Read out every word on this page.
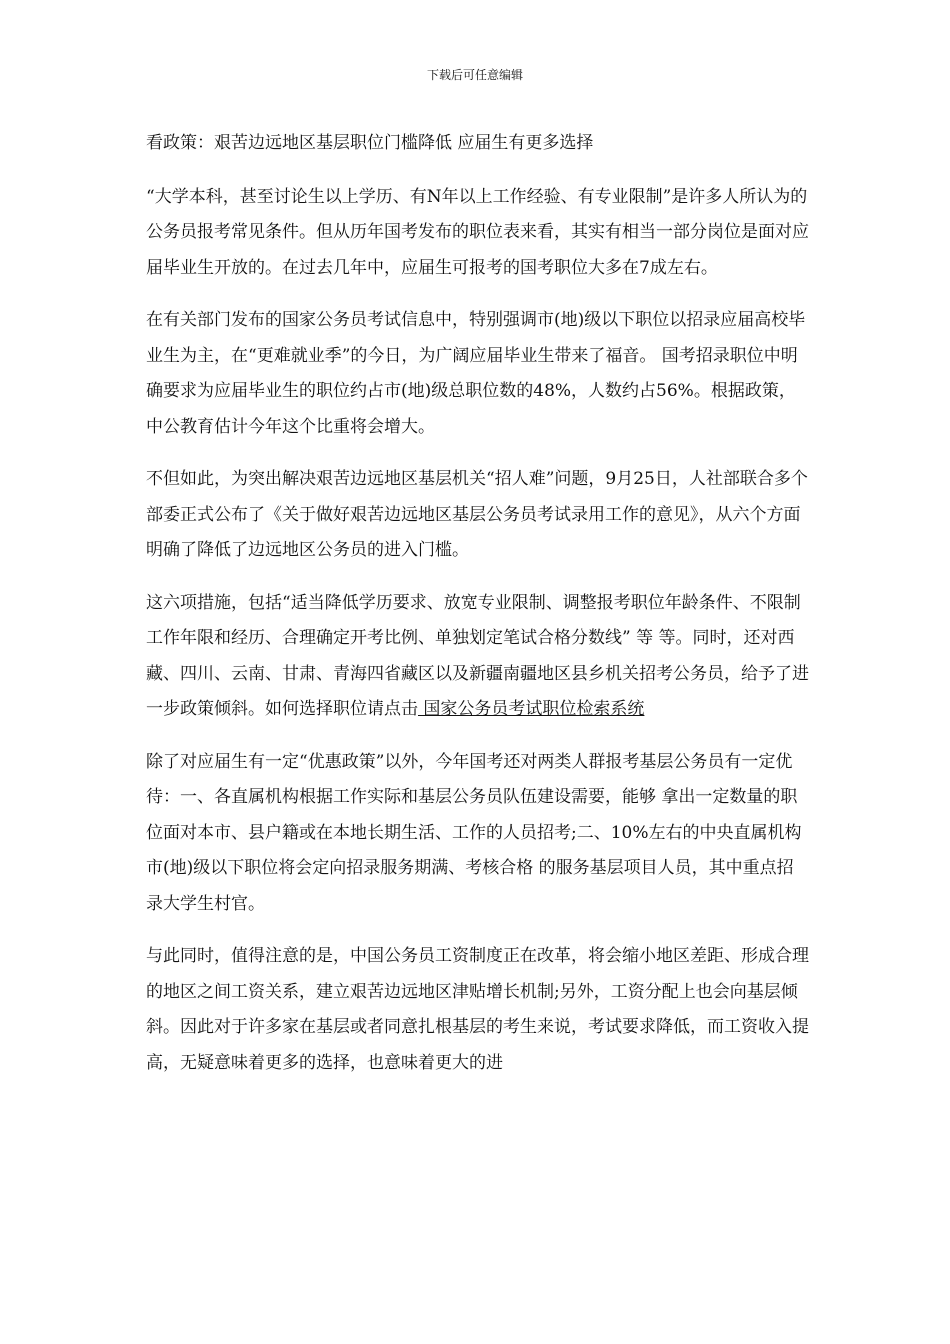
下载后可任意编辑

看政策：艰苦边远地区基层职位门槛降低 应届生有更多选择

“大学本科，甚至讨论生以上学历、有N年以上工作经验、有专业限制”是许多人所认为的公务员报考常见条件。但从历年国考发布的职位表来看，其实有相当一部分岗位是面对应届毕业生开放的。在过去几年中，应届生可报考的国考职位大多在7成左右。

在有关部门发布的国家公务员考试信息中，特别强调市(地)级以下职位以招录应届高校毕业生为主，在“更难就业季”的今日，为广阔应届毕业生带来了福音。 国考招录职位中明确要求为应届毕业生的职位约占市(地)级总职位数的48%，人数约占56%。根据政策，中公教育估计今年这个比重将会增大。

不但如此，为突出解决艰苦边远地区基层机关“招人难”问题，9月25日，人社部联合多个部委正式公布了《关于做好艰苦边远地区基层公务员考试录用工作的意见》，从六个方面明确了降低了边远地区公务员的进入门槛。

这六项措施，包括“适当降低学历要求、放宽专业限制、调整报考职位年龄条件、不限制工作年限和经历、合理确定开考比例、单独划定笔试合格分数线” 等 等。同时，还对西藏、四川、云南、甘肃、青海四省藏区以及新疆南疆地区县乡机关招考公务员，给予了进一步政策倾斜。如何选择职位请点击 国家公务员考试职位检索系统

除了对应届生有一定“优惠政策”以外，今年国考还对两类人群报考基层公务员有一定优待：一、各直属机构根据工作实际和基层公务员队伍建设需要，能够 拿出一定数量的职位面对本市、县户籍或在本地长期生活、工作的人员招考;二、10%左右的中央直属机构市(地)级以下职位将会定向招录服务期满、考核合格 的服务基层项目人员，其中重点招录大学生村官。

与此同时，值得注意的是，中国公务员工资制度正在改革，将会缩小地区差距、形成合理的地区之间工资关系，建立艰苦边远地区津贴增长机制;另外，工资分配上也会向基层倾斜。因此对于许多家在基层或者同意扎根基层的考生来说，考试要求降低，而工资收入提高，无疑意味着更多的选择，也意味着更大的进
